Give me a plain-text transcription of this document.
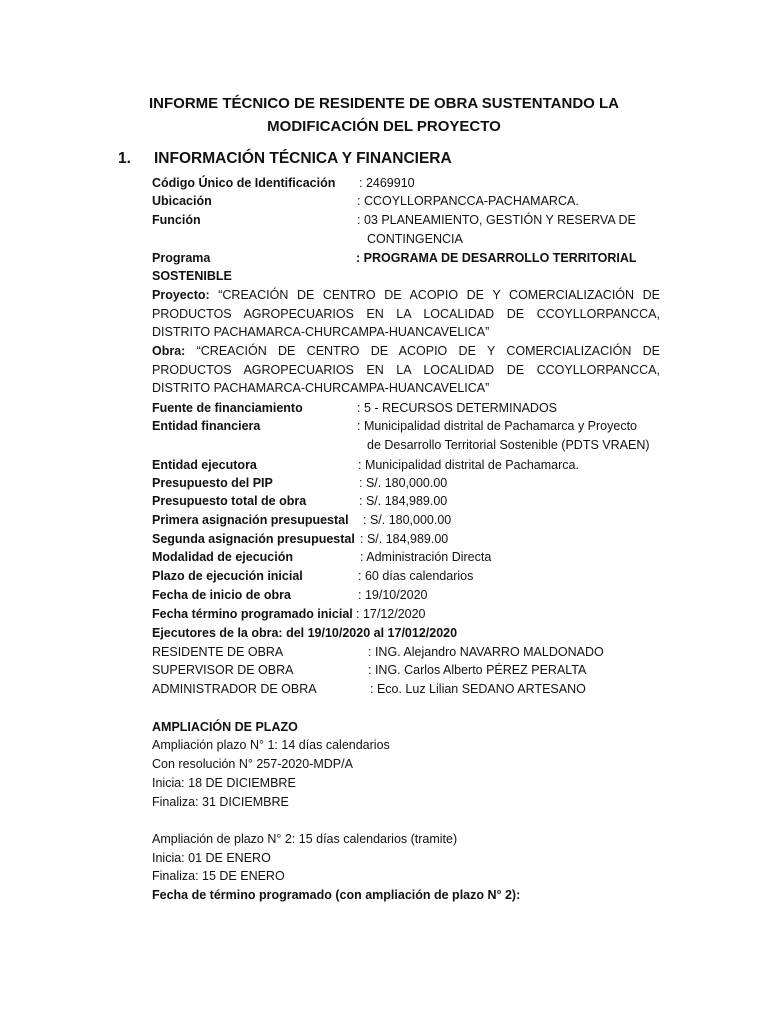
INFORME TÉCNICO DE RESIDENTE DE OBRA SUSTENTANDO LA
MODIFICACIÓN DEL PROYECTO
1. INFORMACIÓN TÉCNICA Y FINANCIERA
Código Único de Identificación : 2469910
Ubicación	: CCOYLLORPANCCA-PACHAMARCA.
Función	: 03 PLANEAMIENTO, GESTIÓN Y RESERVA DE
CONTINGENCIA
Programa	: PROGRAMA DE DESARROLLO TERRITORIAL
SOSTENIBLE
Proyecto: “CREACIÓN DE CENTRO DE ACOPIO DE Y COMERCIALIZACIÓN DE PRODUCTOS AGROPECUARIOS EN LA LOCALIDAD DE CCOYLLORPANCCA, DISTRITO PACHAMARCA-CHURCAMPA-HUANCAVELICA”
Obra: “CREACIÓN DE CENTRO DE ACOPIO DE Y COMERCIALIZACIÓN DE PRODUCTOS AGROPECUARIOS EN LA LOCALIDAD DE CCOYLLORPANCCA, DISTRITO PACHAMARCA-CHURCAMPA-HUANCAVELICA”
Fuente de financiamiento	: 5 - RECURSOS DETERMINADOS
Entidad financiera	: Municipalidad distrital de Pachamarca y Proyecto
de Desarrollo Territorial Sostenible (PDTS VRAEN)
Entidad ejecutora	: Municipalidad distrital de Pachamarca.
Presupuesto del PIP	: S/. 180,000.00
Presupuesto total de obra	: S/. 184,989.00
Primera asignación presupuestal : S/. 180,000.00
Segunda asignación presupuestal : S/. 184,989.00
Modalidad de ejecución	: Administración Directa
Plazo de ejecución inicial	: 60 días calendarios
Fecha de inicio de obra	: 19/10/2020
Fecha término programado inicial : 17/12/2020
Ejecutores de la obra: del 19/10/2020 al 17/012/2020
RESIDENTE DE OBRA	: ING. Alejandro NAVARRO MALDONADO
SUPERVISOR DE OBRA	: ING. Carlos Alberto PÉREZ PERALTA
ADMINISTRADOR DE OBRA	: Eco. Luz Lilian SEDANO ARTESANO
AMPLIACIÓN DE PLAZO
Ampliación plazo N° 1: 14 días calendarios
Con resolución N° 257-2020-MDP/A
Inicia: 18 DE DICIEMBRE
Finaliza: 31 DICIEMBRE
Ampliación de plazo N° 2: 15 días calendarios (tramite)
Inicia: 01 DE ENERO
Finaliza: 15 DE ENERO
Fecha de término programado (con ampliación de plazo N° 2):
